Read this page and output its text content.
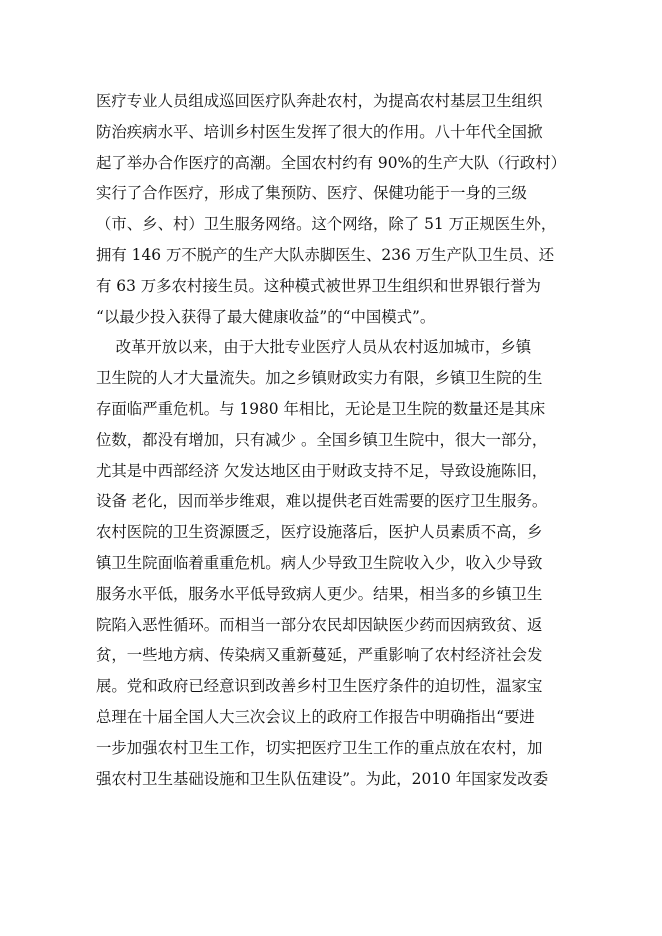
医疗专业人员组成巡回医疗队奔赴农村，为提高农村基层卫生组织
防治疾病水平、培训乡村医生发挥了很大的作用。八十年代全国掀
起了举办合作医疗的高潮。全国农村约有 90%的生产大队（行政村）
实行了合作医疗，形成了集预防、医疗、保健功能于一身的三级
（市、乡、村）卫生服务网络。这个网络，除了 51 万正规医生外，
拥有 146 万不脱产的生产大队赤脚医生、236 万生产队卫生员、还
有 63 万多农村接生员。这种模式被世界卫生组织和世界银行誉为
“以最少投入获得了最大健康收益”的“中国模式”。
改革开放以来，由于大批专业医疗人员从农村返加城市，乡镇
卫生院的人才大量流失。加之乡镇财政实力有限，乡镇卫生院的生
存面临严重危机。与 1980 年相比，无论是卫生院的数量还是其床
位数，都没有增加，只有减少 。全国乡镇卫生院中，很大一部分，
尤其是中西部经济 欠发达地区由于财政支持不足，导致设施陈旧，
设备 老化，因而举步维艰，难以提供老百姓需要的医疗卫生服务。
农村医院的卫生资源匮乏，医疗设施落后，医护人员素质不高，乡
镇卫生院面临着重重危机。病人少导致卫生院收入少，收入少导致
服务水平低，服务水平低导致病人更少。结果，相当多的乡镇卫生
院陷入恶性循环。而相当一部分农民却因缺医少药而因病致贫、返
贫，一些地方病、传染病又重新蔓延，严重影响了农村经济社会发
展。党和政府已经意识到改善乡村卫生医疗条件的迫切性，温家宝
总理在十届全国人大三次会议上的政府工作报告中明确指出“要进
一步加强农村卫生工作，切实把医疗卫生工作的重点放在农村，加
强农村卫生基础设施和卫生队伍建设”。为此，2010 年国家发改委
